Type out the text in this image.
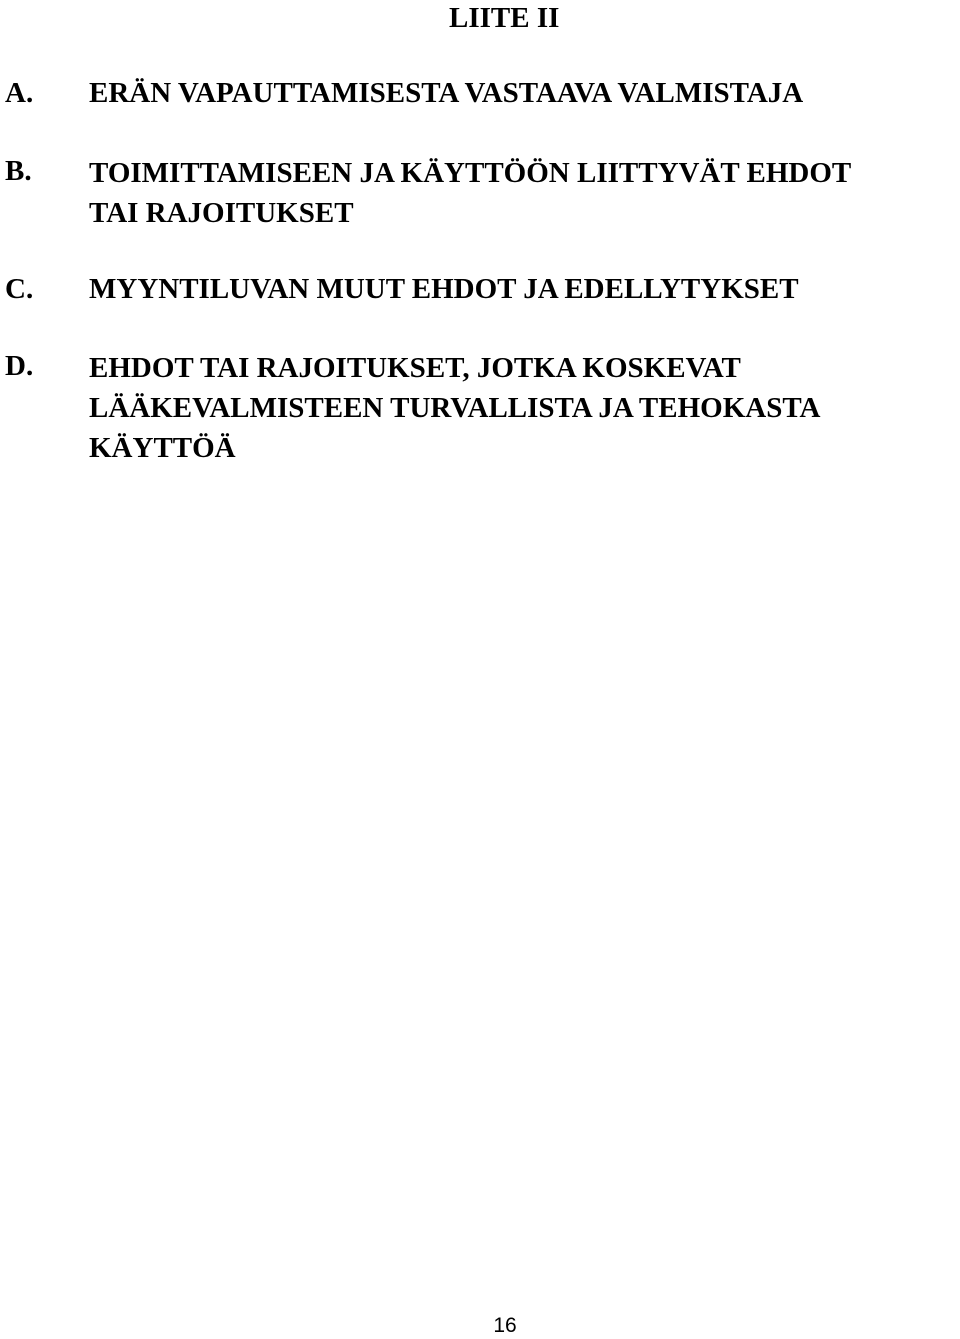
LIITE II
A. ERÄN VAPAUTTAMISESTA VASTAAVA VALMISTAJA
B. TOIMITTAMISEEN JA KÄYTTÖÖN LIITTYVÄT EHDOT
TAI RAJOITUKSET
C. MYYNTILUVAN MUUT EHDOT JA EDELLYTYKSET
D. EHDOT TAI RAJOITUKSET, JOTKA KOSKEVAT
LÄÄKEVALMISTEEN TURVALLISTA JA TEHOKASTA
KÄYTTÖÄ
16
